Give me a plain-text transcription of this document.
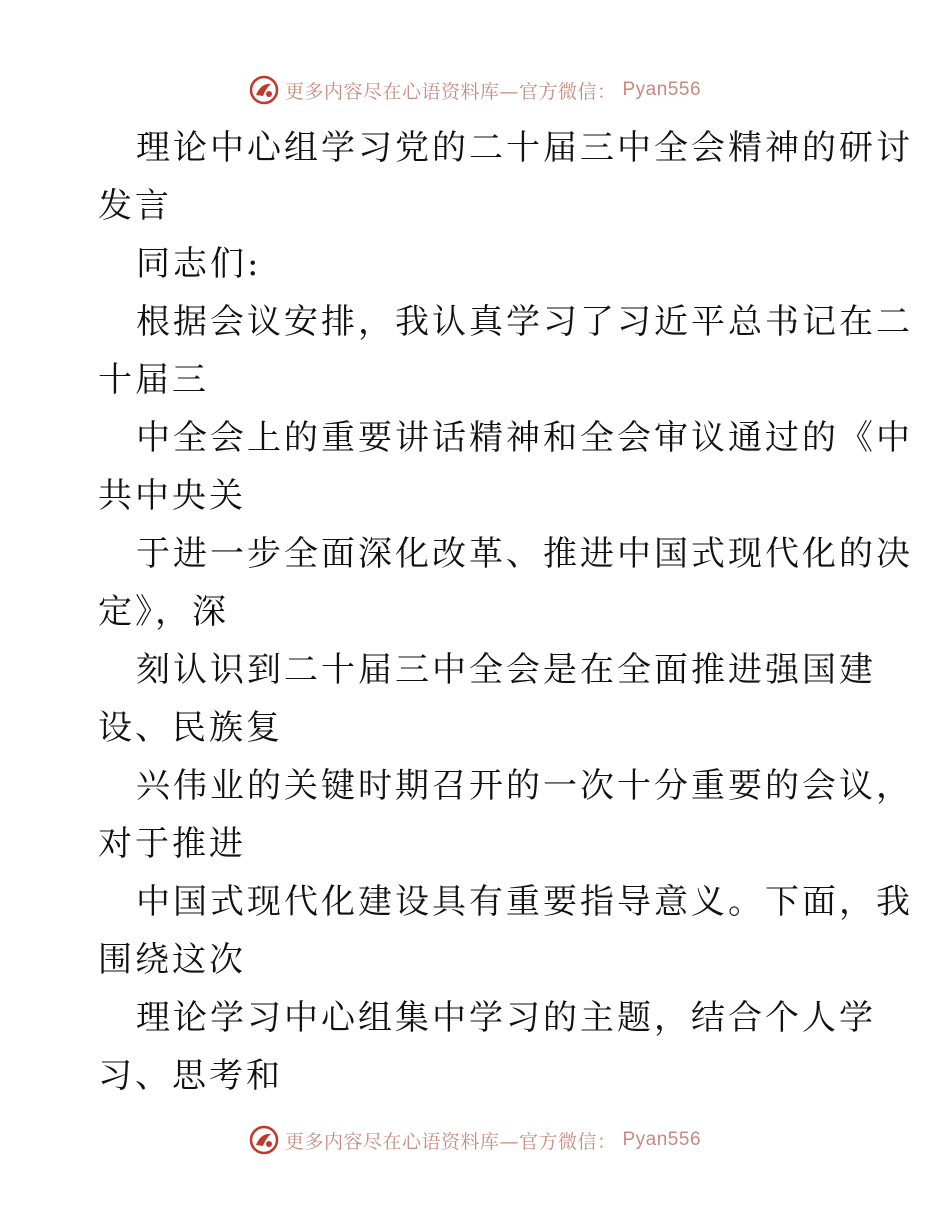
更多内容尽在心语资料库—官方微信： Pyan556
理论中心组学习党的二十届三中全会精神的研讨
发言
同志们:
根据会议安排，我认真学习了习近平总书记在二
十届三
中全会上的重要讲话精神和全会审议通过的《中
共中央关
于进一步全面深化改革、推进中国式现代化的决
定》，深
刻认识到二十届三中全会是在全面推进强国建
设、民族复
兴伟业的关键时期召开的一次十分重要的会议，
对于推进
中国式现代化建设具有重要指导意义。下面，我
围绕这次
理论学习中心组集中学习的主题，结合个人学
习、思考和
更多内容尽在心语资料库—官方微信： Pyan556
